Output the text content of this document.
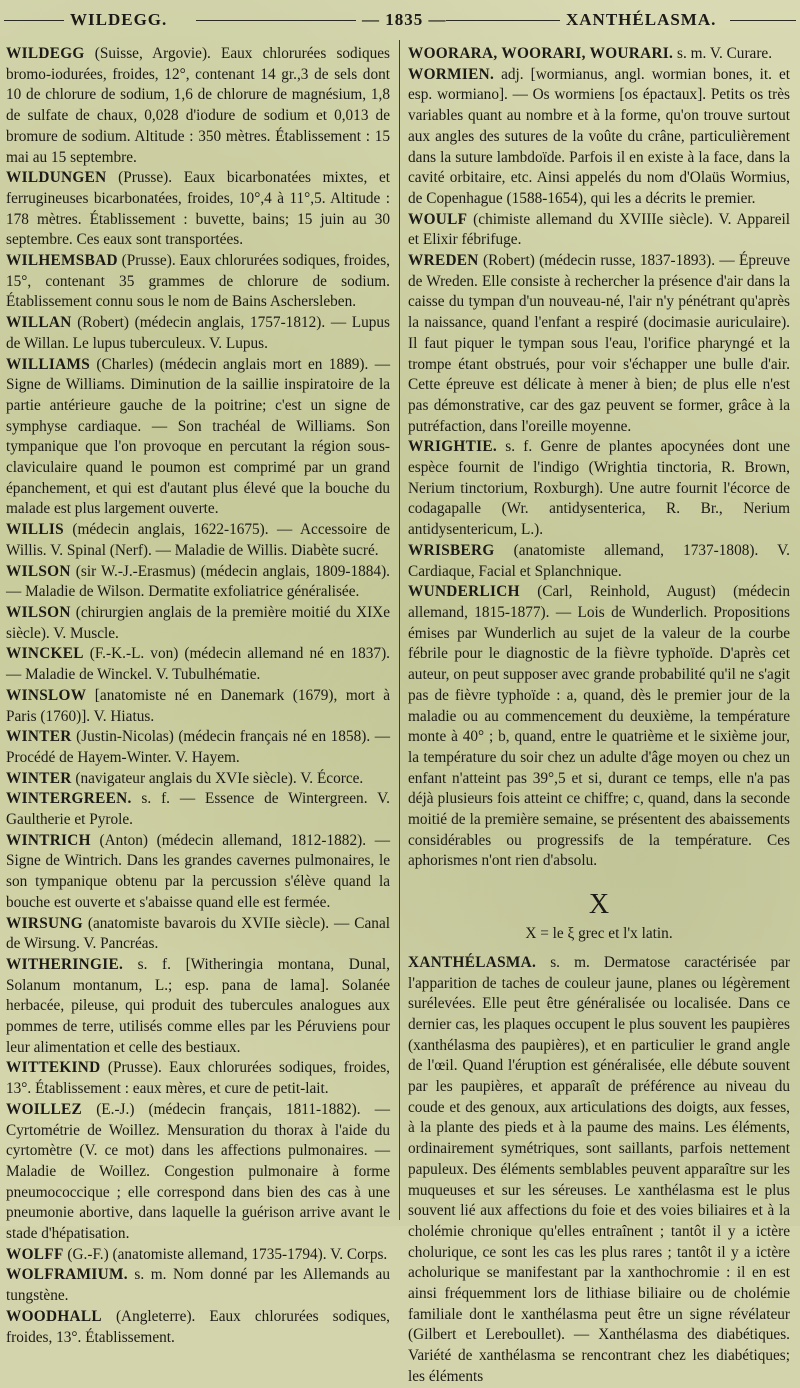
WILDEGG.	— 1835 —	XANTHÉLASMA.

WILDEGG (Suisse, Argovie). Eaux chlorurées sodiques bromo-iodurées, froides, 12°, contenant 14 gr.,3 de sels dont 10 de chlorure de sodium, 1,6 de chlorure de magnésium, 1,8 de sulfate de chaux, 0,028 d'iodure de sodium et 0,013 de bromure de sodium. Altitude : 350 mètres. Établissement : 15 mai au 15 septembre.

WILDUNGEN (Prusse). Eaux bicarbonatées mixtes, et ferrugineuses bicarbonatées, froides, 10°,4 à 11°,5. Altitude : 178 mètres. Établissement : buvette, bains; 15 juin au 30 septembre. Ces eaux sont transportées.

WILHEMSBAD (Prusse). Eaux chlorurées sodiques, froides, 15°, contenant 35 grammes de chlorure de sodium. Établissement connu sous le nom de Bains Aschersleben.

WILLAN (Robert) (médecin anglais, 1757-1812). — Lupus de Willan. Le lupus tuberculeux. V. Lupus.

WILLIAMS (Charles) (médecin anglais mort en 1889). — Signe de Williams. Diminution de la saillie inspiratoire de la partie antérieure gauche de la poitrine; c'est un signe de symphyse cardiaque. — Son trachéal de Williams. Son tympanique que l'on provoque en percutant la région sous-claviculaire quand le poumon est comprimé par un grand épanchement, et qui est d'autant plus élevé que la bouche du malade est plus largement ouverte.

WILLIS (médecin anglais, 1622-1675). — Accessoire de Willis. V. Spinal (Nerf). — Maladie de Willis. Diabète sucré.

WILSON (sir W.-J.-Erasmus) (médecin anglais, 1809-1884). — Maladie de Wilson. Dermatite exfoliatrice généralisée.

WILSON (chirurgien anglais de la première moitié du XIXe siècle). V. Muscle.

WINCKEL (F.-K.-L. von) (médecin allemand né en 1837). — Maladie de Winckel. V. Tubulhématie.

WINSLOW [anatomiste né en Danemark (1679), mort à Paris (1760)]. V. Hiatus.

WINTER (Justin-Nicolas) (médecin français né en 1858). — Procédé de Hayem-Winter. V. Hayem.

WINTER (navigateur anglais du XVIe siècle). V. Écorce.

WINTERGREEN. s. f. — Essence de Wintergreen. V. Gaultherie et Pyrole.

WINTRICH (Anton) (médecin allemand, 1812-1882). — Signe de Wintrich. Dans les grandes cavernes pulmonaires, le son tympanique obtenu par la percussion s'élève quand la bouche est ouverte et s'abaisse quand elle est fermée.

WIRSUNG (anatomiste bavarois du XVIIe siècle). — Canal de Wirsung. V. Pancréas.

WITHERINGIE. s. f. [Witheringia montana, Dunal, Solanum montanum, L.; esp. pana de lama]. Solanée herbacée, pileuse, qui produit des tubercules analogues aux pommes de terre, utilisés comme elles par les Péruviens pour leur alimentation et celle des bestiaux.

WITTEKIND (Prusse). Eaux chlorurées sodiques, froides, 13°. Établissement : eaux mères, et cure de petit-lait.

WOILLEZ (E.-J.) (médecin français, 1811-1882). — Cyrtométrie de Woillez. Mensuration du thorax à l'aide du cyrtomètre (V. ce mot) dans les affections pulmonaires. — Maladie de Woillez. Congestion pulmonaire à forme pneumococcique ; elle correspond dans bien des cas à une pneumonie abortive, dans laquelle la guérison arrive avant le stade d'hépatisation.

WOLFF (G.-F.) (anatomiste allemand, 1735-1794). V. Corps.

WOLFRAMIUM. s. m. Nom donné par les Allemands au tungstène.

WOODHALL (Angleterre). Eaux chlorurées sodiques, froides, 13°. Établissement.

WOORARA, WOORARI, WOURARI. s. m. V. Curare.

WORMIEN. adj. [wormianus, angl. wormian bones, it. et esp. wormiano]. — Os wormiens [os épactaux]. Petits os très variables quant au nombre et à la forme, qu'on trouve surtout aux angles des sutures de la voûte du crâne, particulièrement dans la suture lambdoïde. Parfois il en existe à la face, dans la cavité orbitaire, etc. Ainsi appelés du nom d'Olaüs Wormius, de Copenhague (1588-1654), qui les a décrits le premier.

WOULF (chimiste allemand du XVIIIe siècle). V. Appareil et Elixir fébrifuge.

WREDEN (Robert) (médecin russe, 1837-1893). — Épreuve de Wreden. Elle consiste à rechercher la présence d'air dans la caisse du tympan d'un nouveau-né, l'air n'y pénétrant qu'après la naissance, quand l'enfant a respiré (docimasie auriculaire). Il faut piquer le tympan sous l'eau, l'orifice pharyngé et la trompe étant obstrués, pour voir s'échapper une bulle d'air. Cette épreuve est délicate à mener à bien; de plus elle n'est pas démonstrative, car des gaz peuvent se former, grâce à la putréfaction, dans l'oreille moyenne.

WRIGHTIE. s. f. Genre de plantes apocynées dont une espèce fournit de l'indigo (Wrightia tinctoria, R. Brown, Nerium tinctorium, Roxburgh). Une autre fournit l'écorce de codagapalle (Wr. antidysenterica, R. Br., Nerium antidysentericum, L.).

WRISBERG (anatomiste allemand, 1737-1808). V. Cardiaque, Facial et Splanchnique.

WUNDERLICH (Carl, Reinhold, August) (médecin allemand, 1815-1877). — Lois de Wunderlich. Propositions émises par Wunderlich au sujet de la valeur de la courbe fébrile pour le diagnostic de la fièvre typhoïde. D'après cet auteur, on peut supposer avec grande probabilité qu'il ne s'agit pas de fièvre typhoïde : a, quand, dès le premier jour de la maladie ou au commencement du deuxième, la température monte à 40° ; b, quand, entre le quatrième et le sixième jour, la température du soir chez un adulte d'âge moyen ou chez un enfant n'atteint pas 39°,5 et si, durant ce temps, elle n'a pas déjà plusieurs fois atteint ce chiffre; c, quand, dans la seconde moitié de la première semaine, se présentent des abaissements considérables ou progressifs de la température. Ces aphorismes n'ont rien d'absolu.

X
X = le ξ grec et l'x latin.

XANTHÉLASMA. s. m. Dermatose caractérisée par l'apparition de taches de couleur jaune, planes ou légèrement surélevées. Elle peut être généralisée ou localisée. Dans ce dernier cas, les plaques occupent le plus souvent les paupières (xanthélasma des paupières), et en particulier le grand angle de l'œil. Quand l'éruption est généralisée, elle débute souvent par les paupières, et apparaît de préférence au niveau du coude et des genoux, aux articulations des doigts, aux fesses, à la plante des pieds et à la paume des mains. Les éléments, ordinairement symétriques, sont saillants, parfois nettement papuleux. Des éléments semblables peuvent apparaître sur les muqueuses et sur les séreuses. Le xanthélasma est le plus souvent lié aux affections du foie et des voies biliaires et à la cholémie chronique qu'elles entraînent ; tantôt il y a ictère cholurique, ce sont les cas les plus rares ; tantôt il y a ictère acholurique se manifestant par la xanthochromie : il en est ainsi fréquemment lors de lithiase biliaire ou de cholémie familiale dont le xanthélasma peut être un signe révélateur (Gilbert et Lereboullet). — Xanthélasma des diabétiques. Variété de xanthélasma se rencontrant chez les diabétiques; les éléments
